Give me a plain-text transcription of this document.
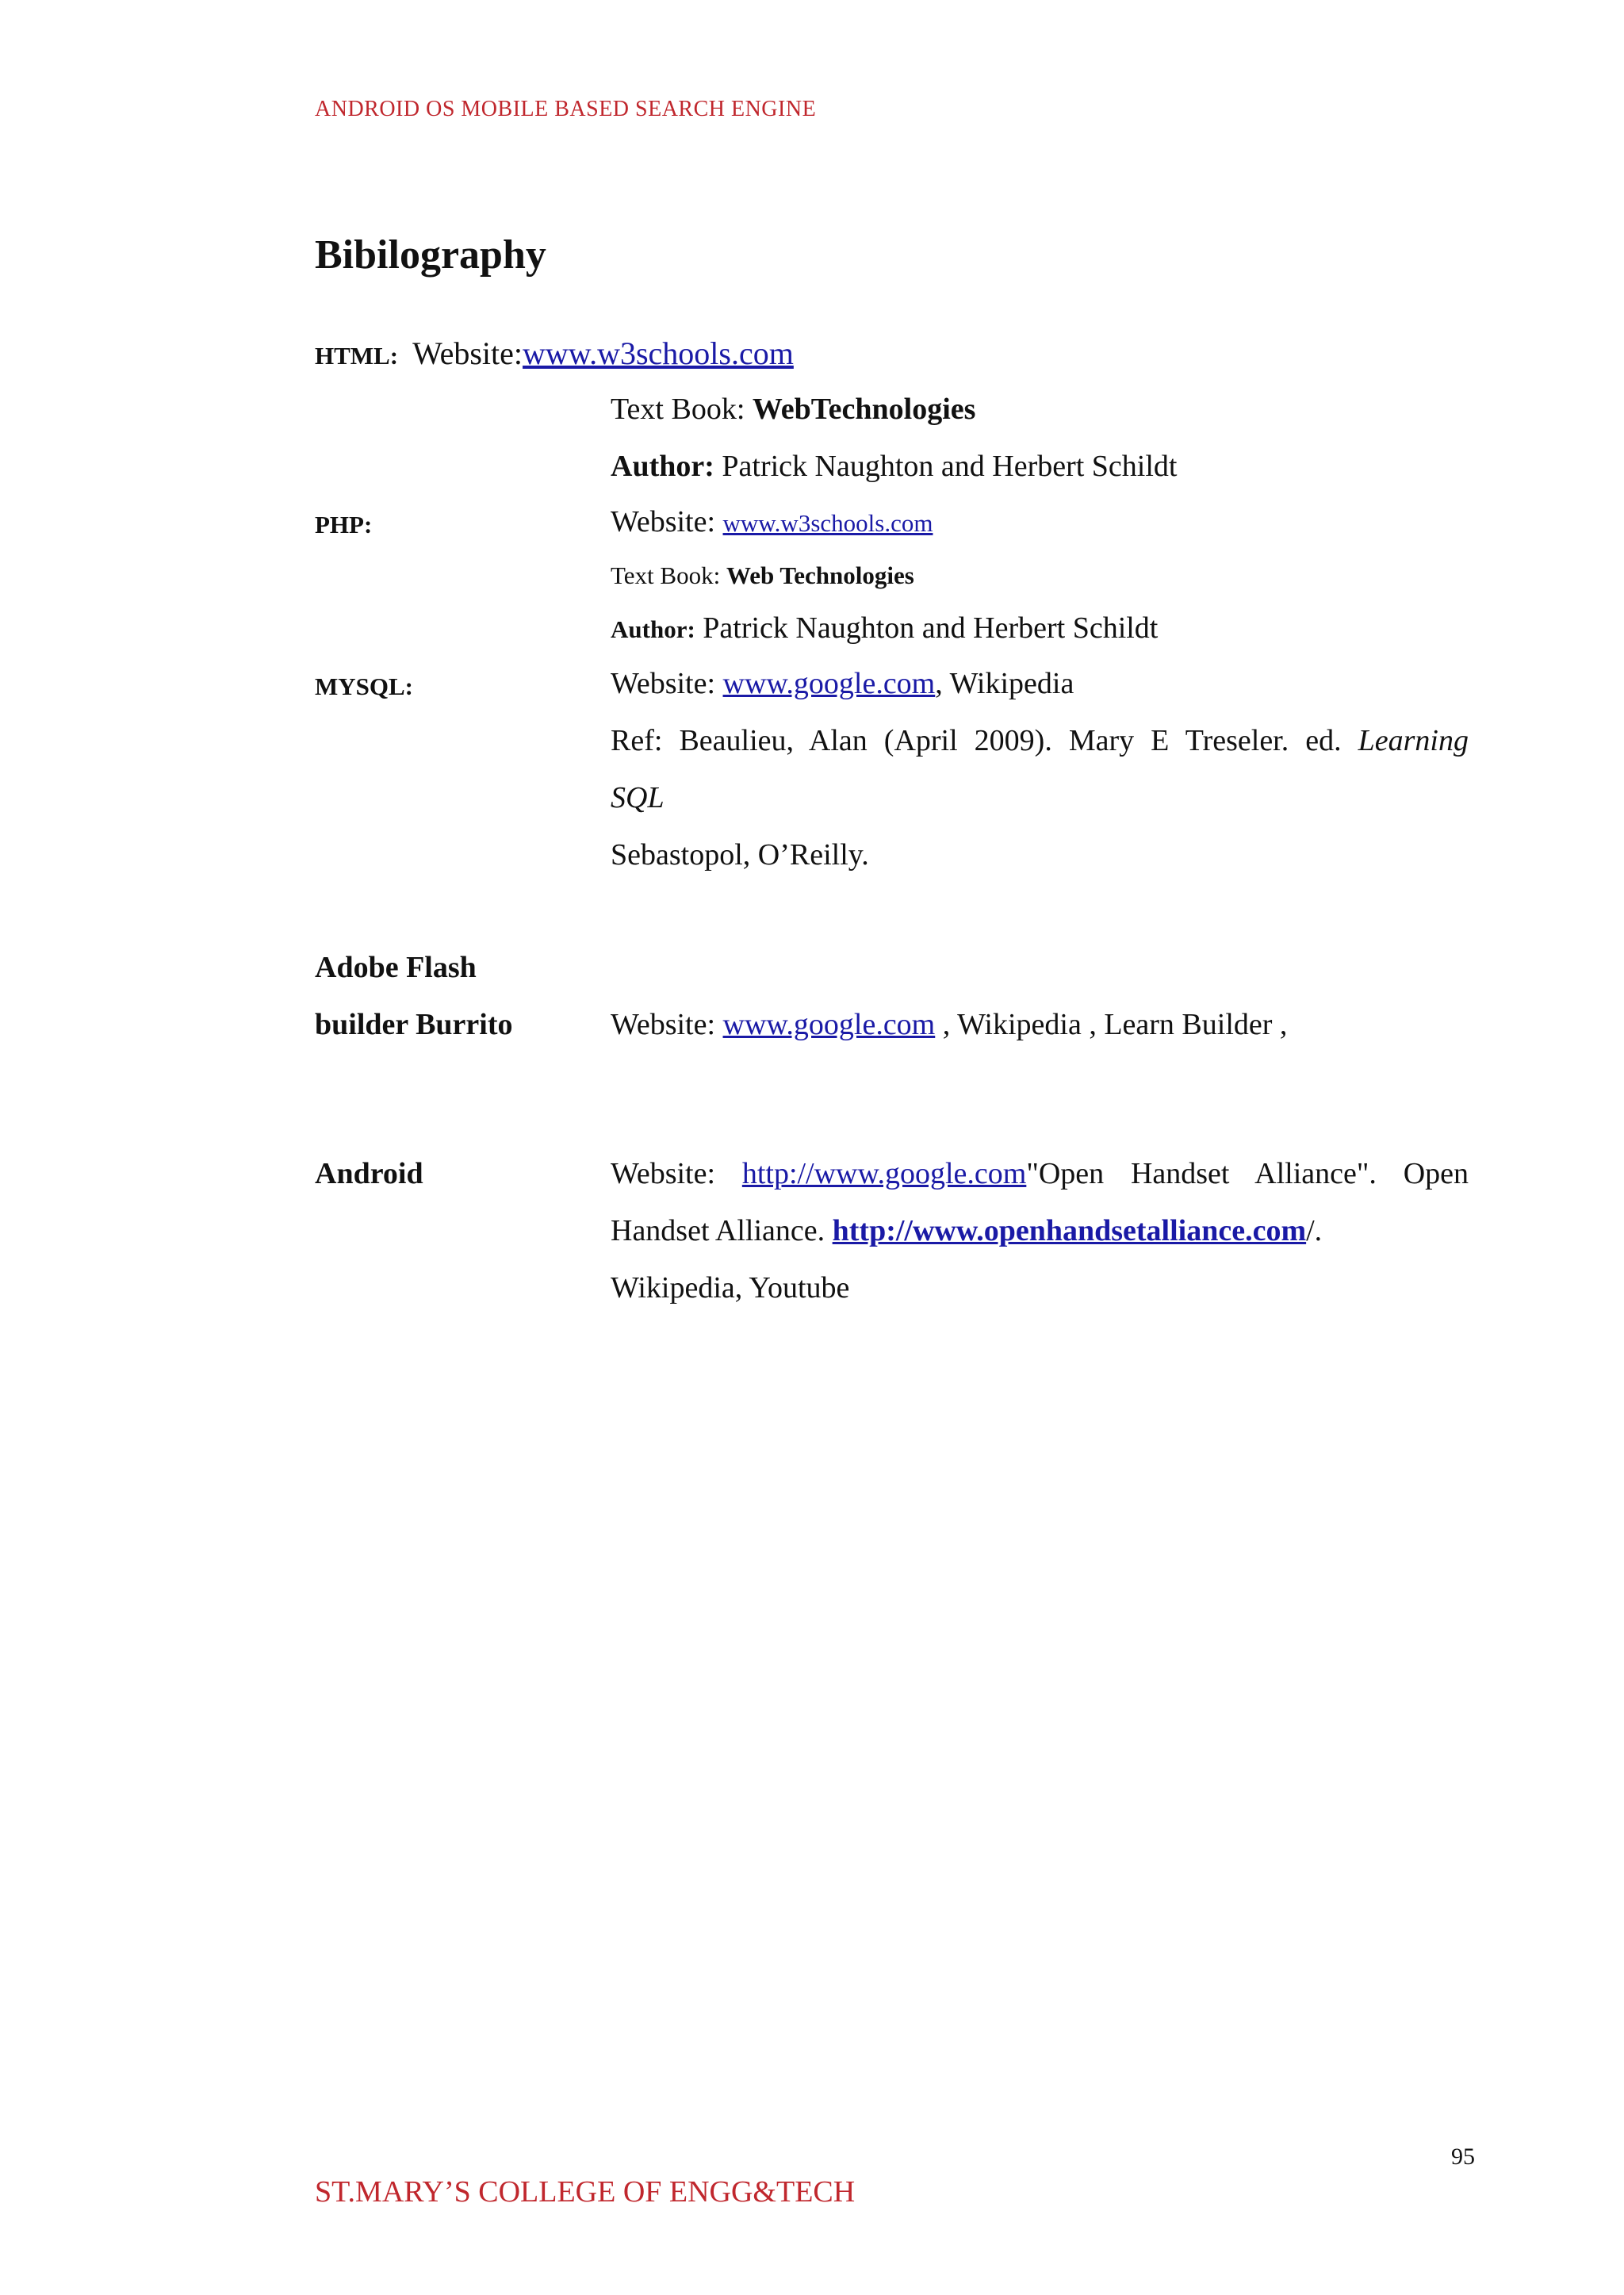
ANDROID OS MOBILE BASED SEARCH ENGINE
Bibilography
HTML: Website:www.w3schools.com
Text Book: WebTechnologies
Author: Patrick Naughton and Herbert Schildt
PHP:	Website: www.w3schools.com
Text Book: Web Technologies
Author: Patrick Naughton and Herbert Schildt
MYSQL:	Website: www.google.com, Wikipedia
Ref: Beaulieu, Alan (April 2009). Mary E Treseler. ed. Learning
SQL
Sebastopol, O’Reilly.
Adobe Flash
builder Burrito	Website: www.google.com , Wikipedia , Learn Builder ,
Android	Website: http://www.google.com"Open Handset Alliance". Open
Handset Alliance. http://www.openhandsetalliance.com/.
Wikipedia, Youtube
95
ST.MARY’S COLLEGE OF ENGG&TECH
